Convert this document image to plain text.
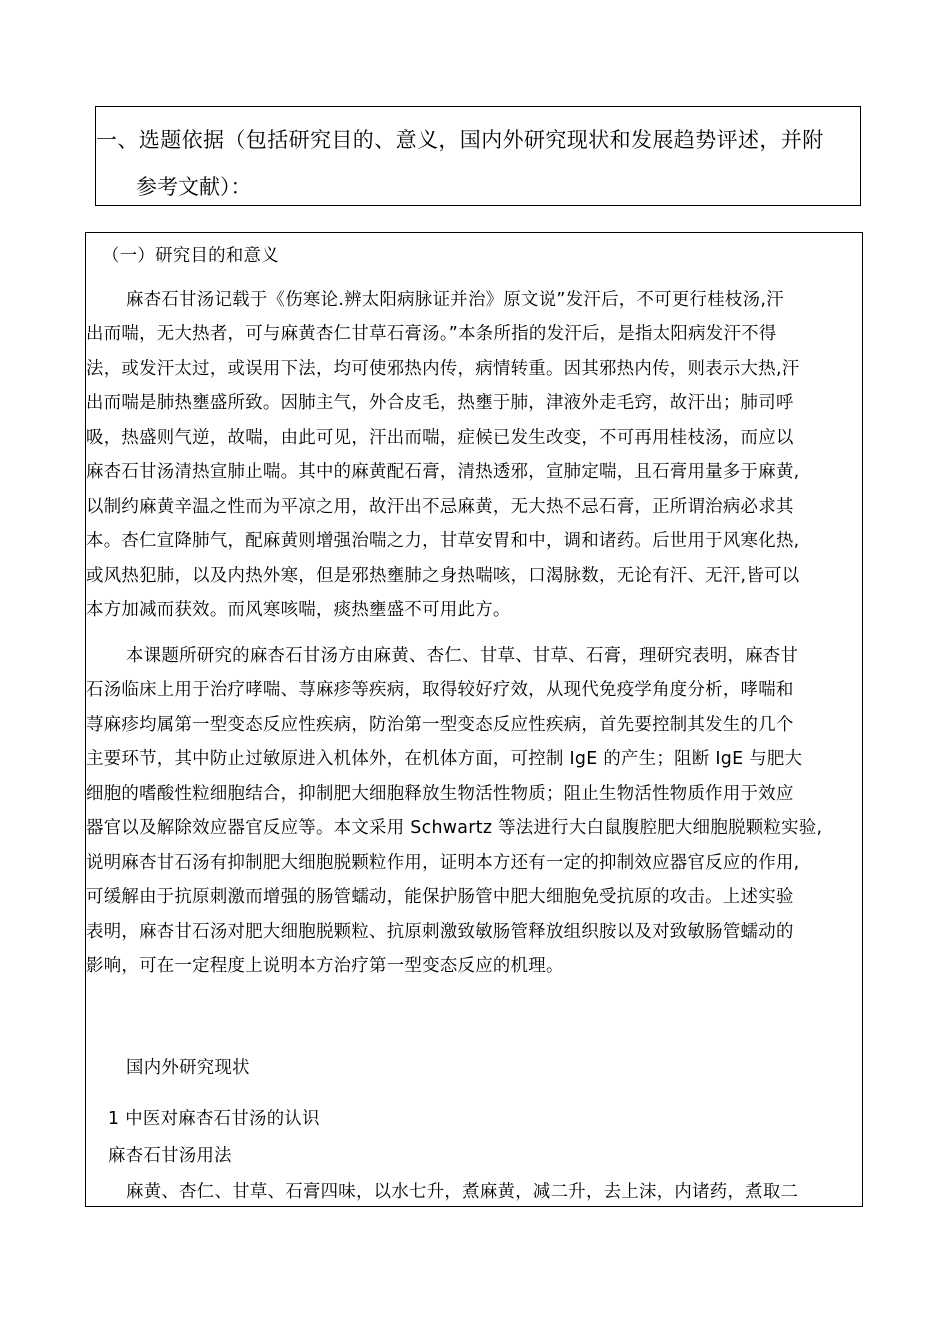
一、选题依据（包括研究目的、意义，国内外研究现状和发展趋势评述，并附
参考文献）：
（一）研究目的和意义
麻杏石甘汤记载于《伤寒论.辨太阳病脉证并治》原文说”发汗后，不可更行桂枝汤,汗
出而喘，无大热者，可与麻黄杏仁甘草石膏汤。”本条所指的发汗后，是指太阳病发汗不得
法，或发汗太过，或误用下法，均可使邪热内传，病情转重。因其邪热内传，则表示大热,汗
出而喘是肺热壅盛所致。因肺主气，外合皮毛，热壅于肺，津液外走毛窍，故汗出；肺司呼
吸，热盛则气逆，故喘，由此可见，汗出而喘，症候已发生改变，不可再用桂枝汤，而应以
麻杏石甘汤清热宣肺止喘。其中的麻黄配石膏，清热透邪，宣肺定喘，且石膏用量多于麻黄,
以制约麻黄辛温之性而为平凉之用，故汗出不忌麻黄，无大热不忌石膏，正所谓治病必求其
本。杏仁宣降肺气，配麻黄则增强治喘之力，甘草安胃和中，调和诸药。后世用于风寒化热,
或风热犯肺，以及内热外寒，但是邪热壅肺之身热喘咳，口渴脉数，无论有汗、无汗,皆可以
本方加减而获效。而风寒咳喘，痰热壅盛不可用此方。
本课题所研究的麻杏石甘汤方由麻黄、杏仁、甘草、甘草、石膏，理研究表明，麻杏甘
石汤临床上用于治疗哮喘、荨麻疹等疾病，取得较好疗效，从现代免疫学角度分析，哮喘和
荨麻疹均属第一型变态反应性疾病，防治第一型变态反应性疾病，首先要控制其发生的几个
主要环节，其中防止过敏原进入机体外，在机体方面，可控制 IgE 的产生；阻断 IgE 与肥大
细胞的嗜酸性粒细胞结合，抑制肥大细胞释放生物活性物质；阻止生物活性物质作用于效应
器官以及解除效应器官反应等。本文采用 Schwartz 等法进行大白鼠腹腔肥大细胞脱颗粒实验,
说明麻杏甘石汤有抑制肥大细胞脱颗粒作用，证明本方还有一定的抑制效应器官反应的作用,
可缓解由于抗原刺激而增强的肠管蠕动，能保护肠管中肥大细胞免受抗原的攻击。上述实验
表明，麻杏甘石汤对肥大细胞脱颗粒、抗原刺激致敏肠管释放组织胺以及对致敏肠管蠕动的
影响，可在一定程度上说明本方治疗第一型变态反应的机理。
国内外研究现状
1 中医对麻杏石甘汤的认识
麻杏石甘汤用法
麻黄、杏仁、甘草、石膏四味，以水七升，煮麻黄，减二升，去上沫，内诸药，煮取二
